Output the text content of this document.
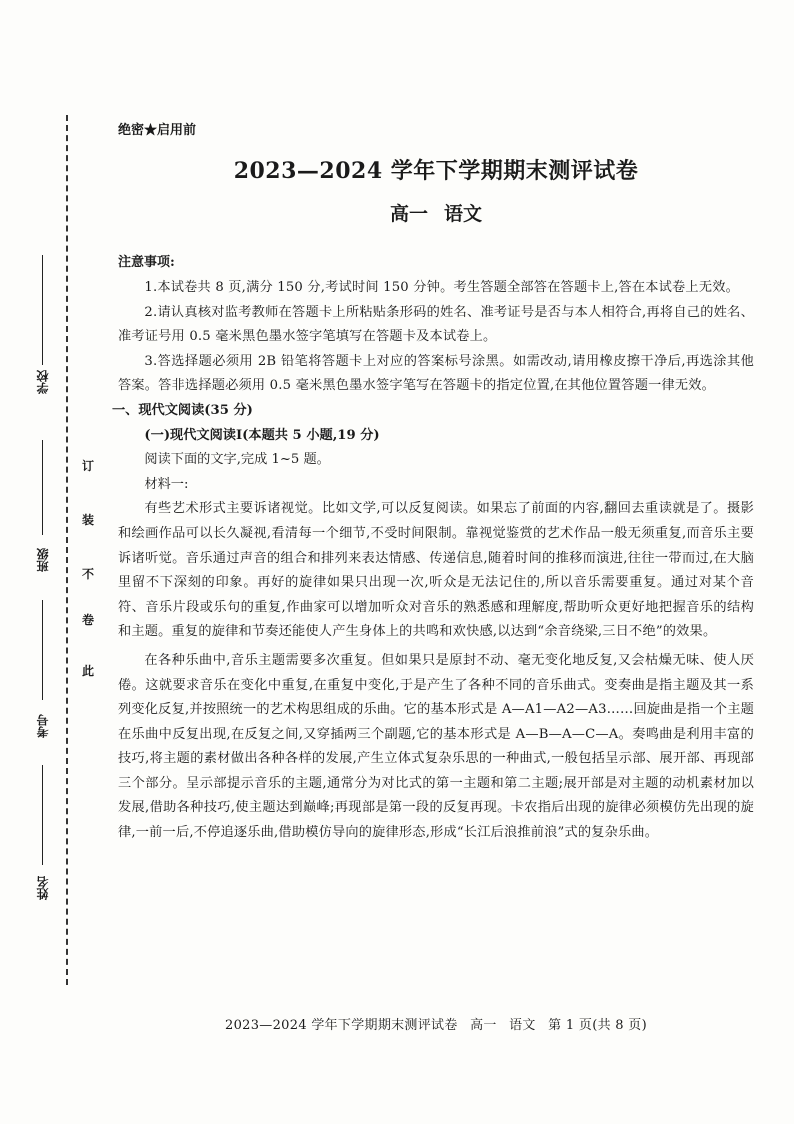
学校
班级
考号
姓名
订
装
不
卷
此
绝密★启用前
2023—2024 学年下学期期末测评试卷
高一 语文
注意事项:

1.本试卷共 8 页,满分 150 分,考试时间 150 分钟。考生答题全部答在答题卡上,答在本试卷上无效。

2.请认真核对监考教师在答题卡上所粘贴条形码的姓名、准考证号是否与本人相符合,再将自己的姓名、准考证号用 0.5 毫米黑色墨水签字笔填写在答题卡及本试卷上。

3.答选择题必须用 2B 铅笔将答题卡上对应的答案标号涂黑。如需改动,请用橡皮擦干净后,再选涂其他答案。答非选择题必须用 0.5 毫米黑色墨水签字笔写在答题卡的指定位置,在其他位置答题一律无效。

一、现代文阅读(35 分)
(一)现代文阅读Ⅰ(本题共 5 小题,19 分)
阅读下面的文字,完成 1~5 题。
材料一:

有些艺术形式主要诉诸视觉。比如文学,可以反复阅读。如果忘了前面的内容,翻回去重读就是了。摄影和绘画作品可以长久凝视,看清每一个细节,不受时间限制。靠视觉鉴赏的艺术作品一般无须重复,而音乐主要诉诸听觉。音乐通过声音的组合和排列来表达情感、传递信息,随着时间的推移而演进,往往一带而过,在大脑里留不下深刻的印象。再好的旋律如果只出现一次,听众是无法记住的,所以音乐需要重复。通过对某个音符、音乐片段或乐句的重复,作曲家可以增加听众对音乐的熟悉感和理解度,帮助听众更好地把握音乐的结构和主题。重复的旋律和节奏还能使人产生身体上的共鸣和欢快感,以达到“余音绕梁,三日不绝”的效果。

在各种乐曲中,音乐主题需要多次重复。但如果只是原封不动、毫无变化地反复,又会枯燥无味、使人厌倦。这就要求音乐在变化中重复,在重复中变化,于是产生了各种不同的音乐曲式。变奏曲是指主题及其一系列变化反复,并按照统一的艺术构思组成的乐曲。它的基本形式是 A—A1—A2—A3……回旋曲是指一个主题在乐曲中反复出现,在反复之间,又穿插两三个副题,它的基本形式是 A—B—A—C—A。奏鸣曲是利用丰富的技巧,将主题的素材做出各种各样的发展,产生立体式复杂乐思的一种曲式,一般包括呈示部、展开部、再现部三个部分。呈示部提示音乐的主题,通常分为对比式的第一主题和第二主题;展开部是对主题的动机素材加以发展,借助各种技巧,使主题达到巅峰;再现部是第一段的反复再现。卡农指后出现的旋律必须模仿先出现的旋律,一前一后,不停追逐乐曲,借助模仿导向的旋律形态,形成“长江后浪推前浪”式的复杂乐曲。

2023—2024 学年下学期期末测评试卷 高一 语文 第 1 页(共 8 页)
